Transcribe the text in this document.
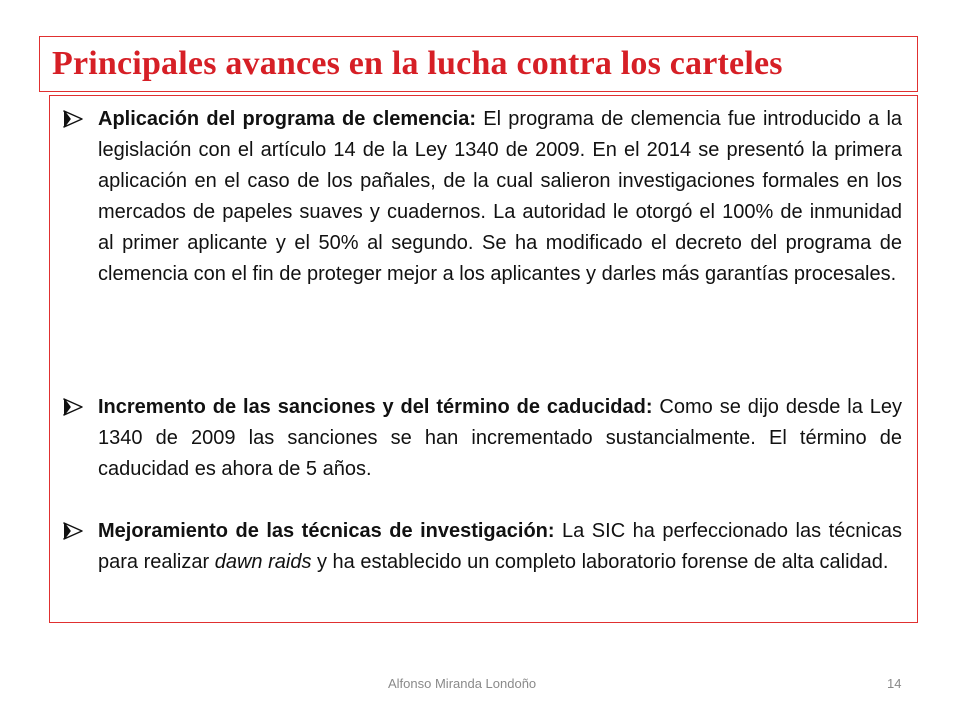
Principales avances en la lucha contra los carteles
Aplicación del programa de clemencia: El programa de clemencia fue introducido a la legislación con el artículo 14 de la Ley 1340 de 2009. En el 2014 se presentó la primera aplicación en el caso de los pañales, de la cual salieron investigaciones formales en los mercados de papeles suaves y cuadernos. La autoridad le otorgó el 100% de inmunidad al primer aplicante y el 50% al segundo. Se ha modificado el decreto del programa de clemencia con el fin de proteger mejor a los aplicantes y darles más garantías procesales.
Incremento de las sanciones y del término de caducidad: Como se dijo desde la Ley 1340 de 2009 las sanciones se han incrementado sustancialmente. El término de caducidad es ahora de 5 años.
Mejoramiento de las técnicas de investigación: La SIC ha perfeccionado las técnicas para realizar dawn raids y ha establecido un completo laboratorio forense de alta calidad.
Alfonso Miranda Londoño	14
